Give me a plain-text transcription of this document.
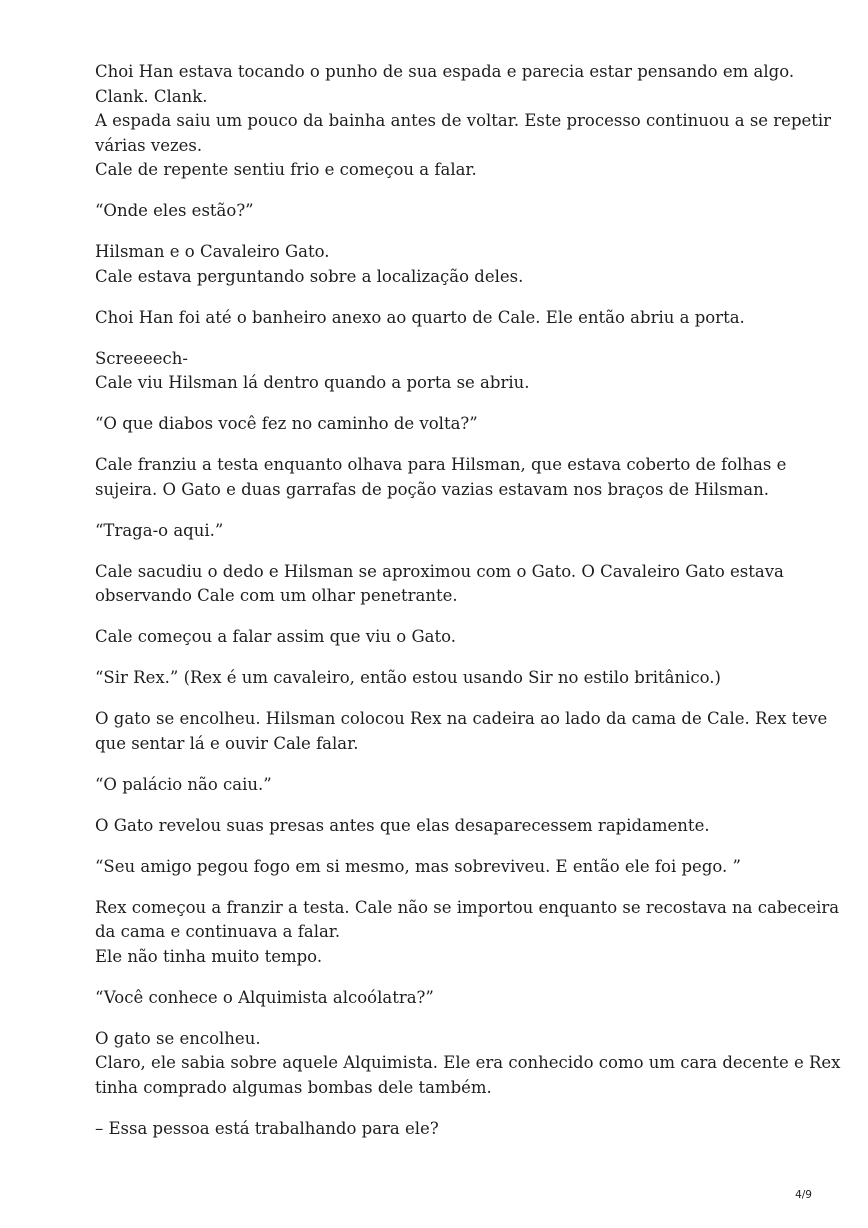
Choi Han estava tocando o punho de sua espada e parecia estar pensando em algo.
Clank. Clank.
A espada saiu um pouco da bainha antes de voltar. Este processo continuou a se repetir
várias vezes.
Cale de repente sentiu frio e começou a falar.
“Onde eles estão?”
Hilsman e o Cavaleiro Gato.
Cale estava perguntando sobre a localização deles.
Choi Han foi até o banheiro anexo ao quarto de Cale. Ele então abriu a porta.
Screeeech-
Cale viu Hilsman lá dentro quando a porta se abriu.
“O que diabos você fez no caminho de volta?”
Cale franziu a testa enquanto olhava para Hilsman, que estava coberto de folhas e
sujeira. O Gato e duas garrafas de poção vazias estavam nos braços de Hilsman.
“Traga-o aqui.”
Cale sacudiu o dedo e Hilsman se aproximou com o Gato. O Cavaleiro Gato estava
observando Cale com um olhar penetrante.
Cale começou a falar assim que viu o Gato.
“Sir Rex.” (Rex é um cavaleiro, então estou usando Sir no estilo britânico.)
O gato se encolheu. Hilsman colocou Rex na cadeira ao lado da cama de Cale. Rex teve
que sentar lá e ouvir Cale falar.
“O palácio não caiu.”
O Gato revelou suas presas antes que elas desaparecessem rapidamente.
“Seu amigo pegou fogo em si mesmo, mas sobreviveu. E então ele foi pego. ”
Rex começou a franzir a testa. Cale não se importou enquanto se recostava na cabeceira
da cama e continuava a falar.
Ele não tinha muito tempo.
“Você conhece o Alquimista alcoólatra?”
O gato se encolheu.
Claro, ele sabia sobre aquele Alquimista. Ele era conhecido como um cara decente e Rex
tinha comprado algumas bombas dele também.
– Essa pessoa está trabalhando para ele?
4/9
